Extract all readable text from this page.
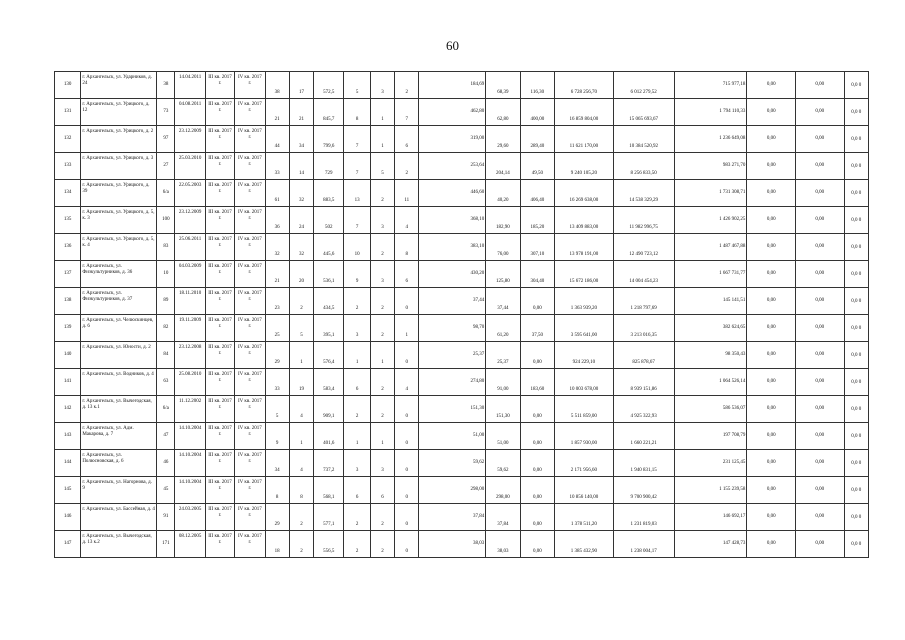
60
130	г. Архангельск, ул. Ударников, д. 24	38	14.04.2011	III кв. 2017 г.	IV кв. 2017 г.	38	17	572,5	5	3	2	184,69	68,39	116,30	6 728 256,70	6 012 279,52	715 977,18	0,00	0,00	0,0 0
131	г. Архангельск, ул. Урицкого, д. 12	73	04.08.2011	III кв. 2017 г.	IV кв. 2017 г.	21	21	845,7	8	1	7	462,80	62,80	400,00	16 859 804,00	15 065 693,67	1 794 110,33	0,00	0,00	0,0 0
132	г. Архангельск, ул. Урицкого, д. 2	97	23.12.2009	III кв. 2017 г.	IV кв. 2017 г.	44	34	799,6	7	1	6	319,00	29,60	289,40	11 621 170,00	10 384 520,92	1 236 649,08	0,00	0,00	0,0 0
133	г. Архангельск, ул. Урицкого, д. 3	27	25.03.2010	III кв. 2017 г.	IV кв. 2017 г.	33	14	729	7	5	2	253,64	204,14	49,50	9 240 105,20	8 256 833,50	983 271,70	0,00	0,00	0,0 0
134	г. Архангельск, ул. Урицкого, д. 39	6/a	22.05.2003	III кв. 2017 г.	IV кв. 2017 г.	61	32	883,5	13	2	11	446,60	40,20	406,40	16 269 638,00	14 538 329,29	1 731 308,71	0,00	0,00	0,0 0
135	г. Архангельск, ул. Урицкого, д. 5, к. 3	100	23.12.2009	III кв. 2017 г.	IV кв. 2017 г.	36	24	502	7	3	4	368,10	182,90	185,20	13 409 883,00	11 982 996,75	1 426 902,25	0,00	0,00	0,0 0
136	г. Архангельск, ул. Урицкого, д. 5, к. 4	83	25.06.2011	III кв. 2017 г.	IV кв. 2017 г.	32	32	445,6	10	2	8	383,10	76,00	307,10	13 978 191,00	12 490 723,12	1 487 467,88	0,00	0,00	0,0 0
137	г. Архангельск, ул. Физкультурников, д. 36	10	04.03.2009	III кв. 2017 г.	IV кв. 2017 г.	21	20	536,1	9	3	6	430,20	125,80	304,40	15 672 186,00	14 004 454,23	1 667 731,77	0,00	0,00	0,0 0
138	г. Архангельск, ул. Физкультурников, д. 37	89	18.11.2010	III кв. 2017 г.	IV кв. 2017 г.	23	2	434,5	2	2	0	37,44	37,44	0,00	1 363 939,20	1 218 797,69	145 141,51	0,00	0,00	0,0 0
139	г. Архангельск, ул. Челюскинцев, д. 6	82	19.11.2009	III кв. 2017 г.	IV кв. 2017 г.	25	5	395,1	3	2	1	98,70	61,20	37,50	3 595 641,00	3 213 016,35	382 624,65	0,00	0,00	0,0 0
140	г. Архангельск, ул. Юности, д. 2	84	23.12.2008	III кв. 2017 г.	IV кв. 2017 г.	29	1	576,4	1	1	0	25,37	25,37	0,00	924 229,10	825 878,67	98 350,43	0,00	0,00	0,0 0
141	г. Архангельск, ул. Водников, д. 4	63	25.08.2010	III кв. 2017 г.	IV кв. 2017 г.	33	19	583,4	6	2	4	274,80	91,00	183,60	10 003 678,00	8 939 151,86	1 064 526,14	0,00	0,00	0,0 0
142	г. Архангельск, ул. Вычегодская, д. 13 к.1	6/a	11.12.2002	III кв. 2017 г.	IV кв. 2017 г.	5	4	909,1	2	2	0	151,30	151,30	0,00	5 511 859,00	4 925 322,93	586 536,07	0,00	0,00	0,0 0
143	г. Архангельск, ул. Адм. Макарова, д. 7	47	14.10.2004	III кв. 2017 г.	IV кв. 2017 г.	9	1	401,6	1	1	0	51,00	51,00	0,00	1 857 930,00	1 660 221,21	197 708,79	0,00	0,00	0,0 0
144	г. Архангельск, ул. Полюсновская, д. 6	46	14.10.2004	III кв. 2017 г.	IV кв. 2017 г.	34	4	737,2	3	3	0	59,62	59,62	0,00	2 171 956,60	1 940 831,15	231 125,45	0,00	0,00	0,0 0
145	г. Архангельск, ул. Нагорнова, д. 9	45	14.10.2004	III кв. 2017 г.	IV кв. 2017 г.	8	8	568,1	6	6	0	298,00	298,00	0,00	10 856 140,00	9 700 900,42	1 155 239,58	0,00	0,00	0,0 0
146	г. Архангельск, ул. Бассейная, д. 4	91	24.03.2005	III кв. 2017 г.	IV кв. 2017 г.	29	2	577,1	2	2	0	37,84	37,84	0,00	1 378 511,20	1 231 819,03	146 692,17	0,00	0,00	0,0 0
147	г. Архангельск, ул. Вычегодская, д. 13 к.2	171	08.12.2005	III кв. 2017 г.	IV кв. 2017 г.	18	2	556,5	2	2	0	38,03	38,03	0,00	1 385 432,90	1 238 004,17	147 428,73	0,00	0,00	0,0 0
